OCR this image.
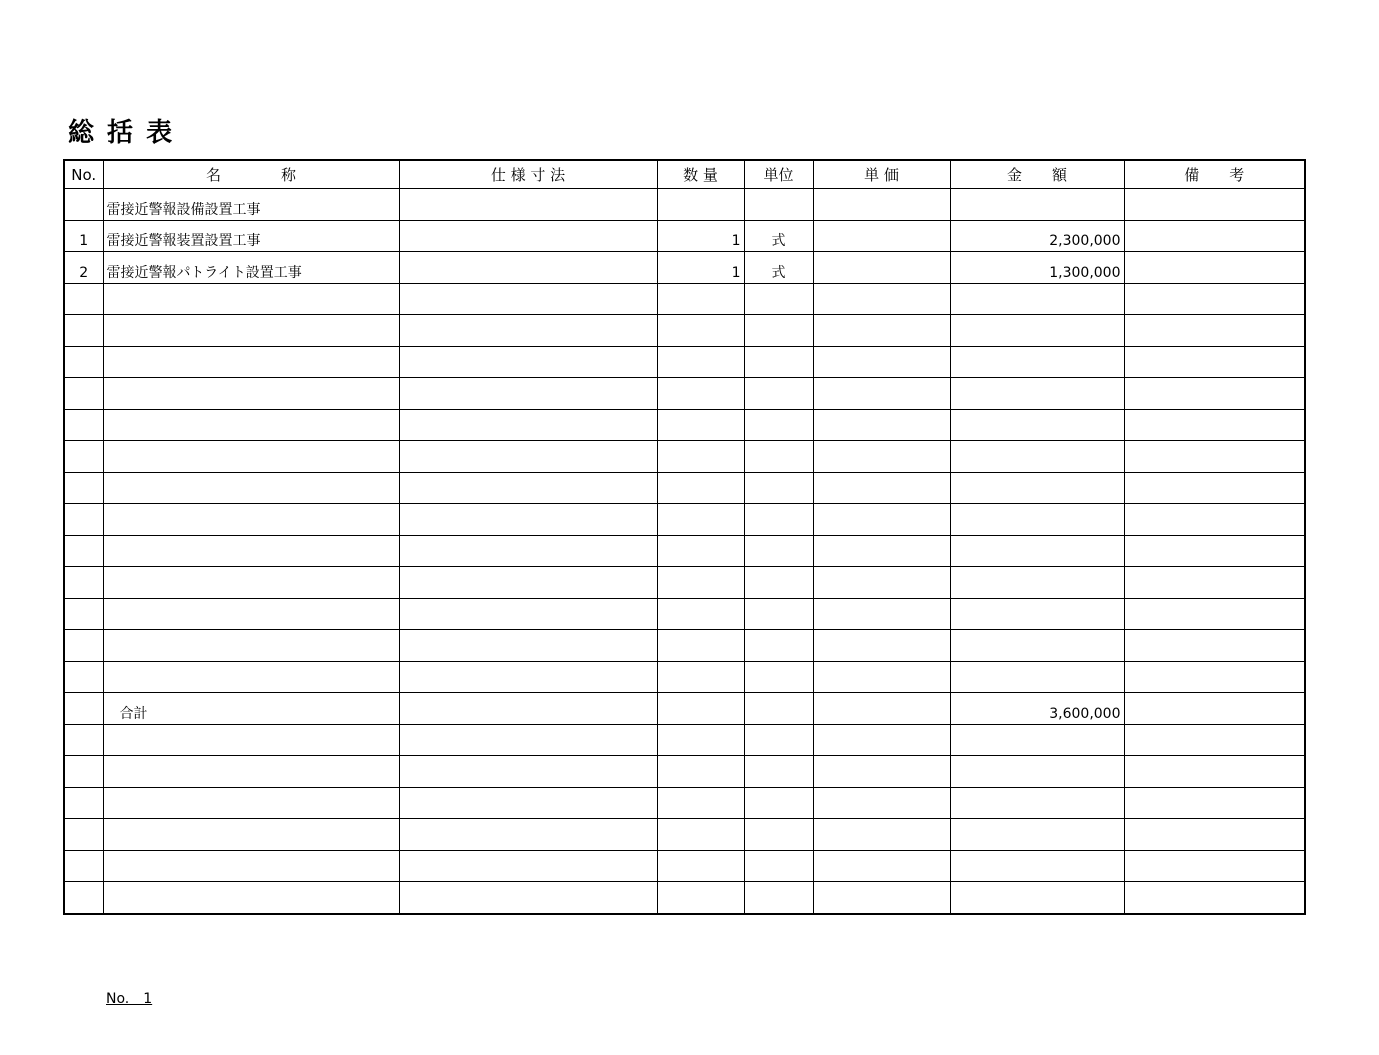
総 括 表
No.	名　　　　称	仕 様 寸 法	数 量	単位	単 価	金　　額	備　　考
	雷接近警報設備設置工事						
1	雷接近警報装置設置工事		1	式		2,300,000	
2	雷接近警報パトライト設置工事		1	式		1,300,000	

	合計					3,600,000	

No.　1
